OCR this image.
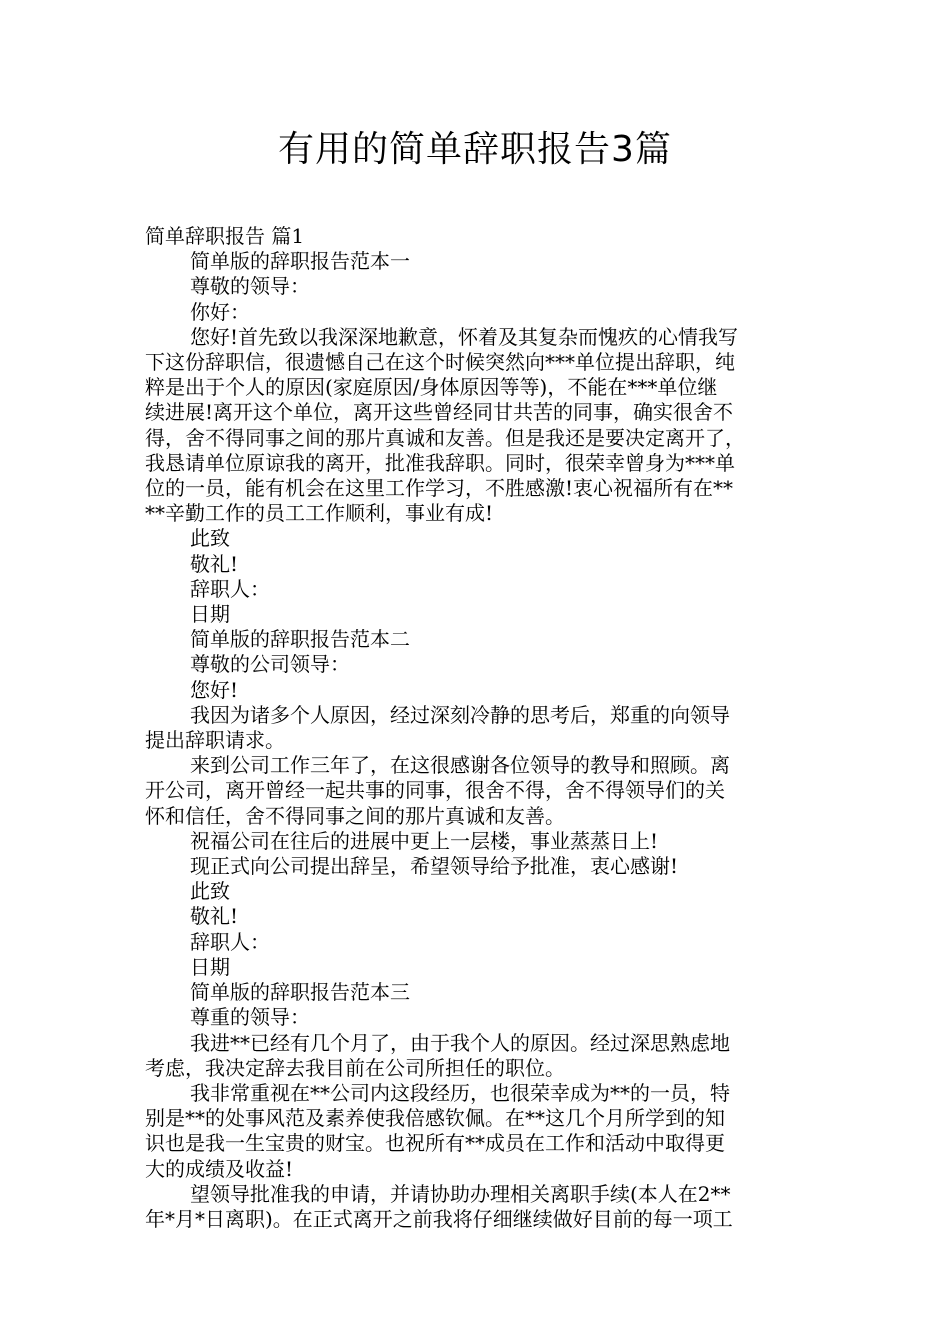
有用的简单辞职报告3篇
简单辞职报告 篇1
简单版的辞职报告范本一
尊敬的领导：
你好：
您好!首先致以我深深地歉意，怀着及其复杂而愧疚的心情我写
下这份辞职信，很遗憾自己在这个时候突然向***单位提出辞职，纯
粹是出于个人的原因(家庭原因/身体原因等等)，不能在***单位继
续进展!离开这个单位，离开这些曾经同甘共苦的同事，确实很舍不
得，舍不得同事之间的那片真诚和友善。但是我还是要决定离开了，
我恳请单位原谅我的离开，批准我辞职。同时，很荣幸曾身为***单
位的一员，能有机会在这里工作学习，不胜感激!衷心祝福所有在**
**辛勤工作的员工工作顺利，事业有成!
此致
敬礼!
辞职人：
日期
简单版的辞职报告范本二
尊敬的公司领导：
您好!
我因为诸多个人原因，经过深刻冷静的思考后，郑重的向领导
提出辞职请求。
来到公司工作三年了，在这很感谢各位领导的教导和照顾。离
开公司，离开曾经一起共事的同事，很舍不得，舍不得领导们的关
怀和信任，舍不得同事之间的那片真诚和友善。
祝福公司在往后的进展中更上一层楼，事业蒸蒸日上!
现正式向公司提出辞呈，希望领导给予批准，衷心感谢!
此致
敬礼!
辞职人：
日期
简单版的辞职报告范本三
尊重的领导：
我进**已经有几个月了，由于我个人的原因。经过深思熟虑地
考虑，我决定辞去我目前在公司所担任的职位。
我非常重视在**公司内这段经历，也很荣幸成为**的一员，特
别是**的处事风范及素养使我倍感钦佩。在**这几个月所学到的知
识也是我一生宝贵的财宝。也祝所有**成员在工作和活动中取得更
大的成绩及收益!
望领导批准我的申请，并请协助办理相关离职手续(本人在2**
年*月*日离职)。在正式离开之前我将仔细继续做好目前的每一项工
